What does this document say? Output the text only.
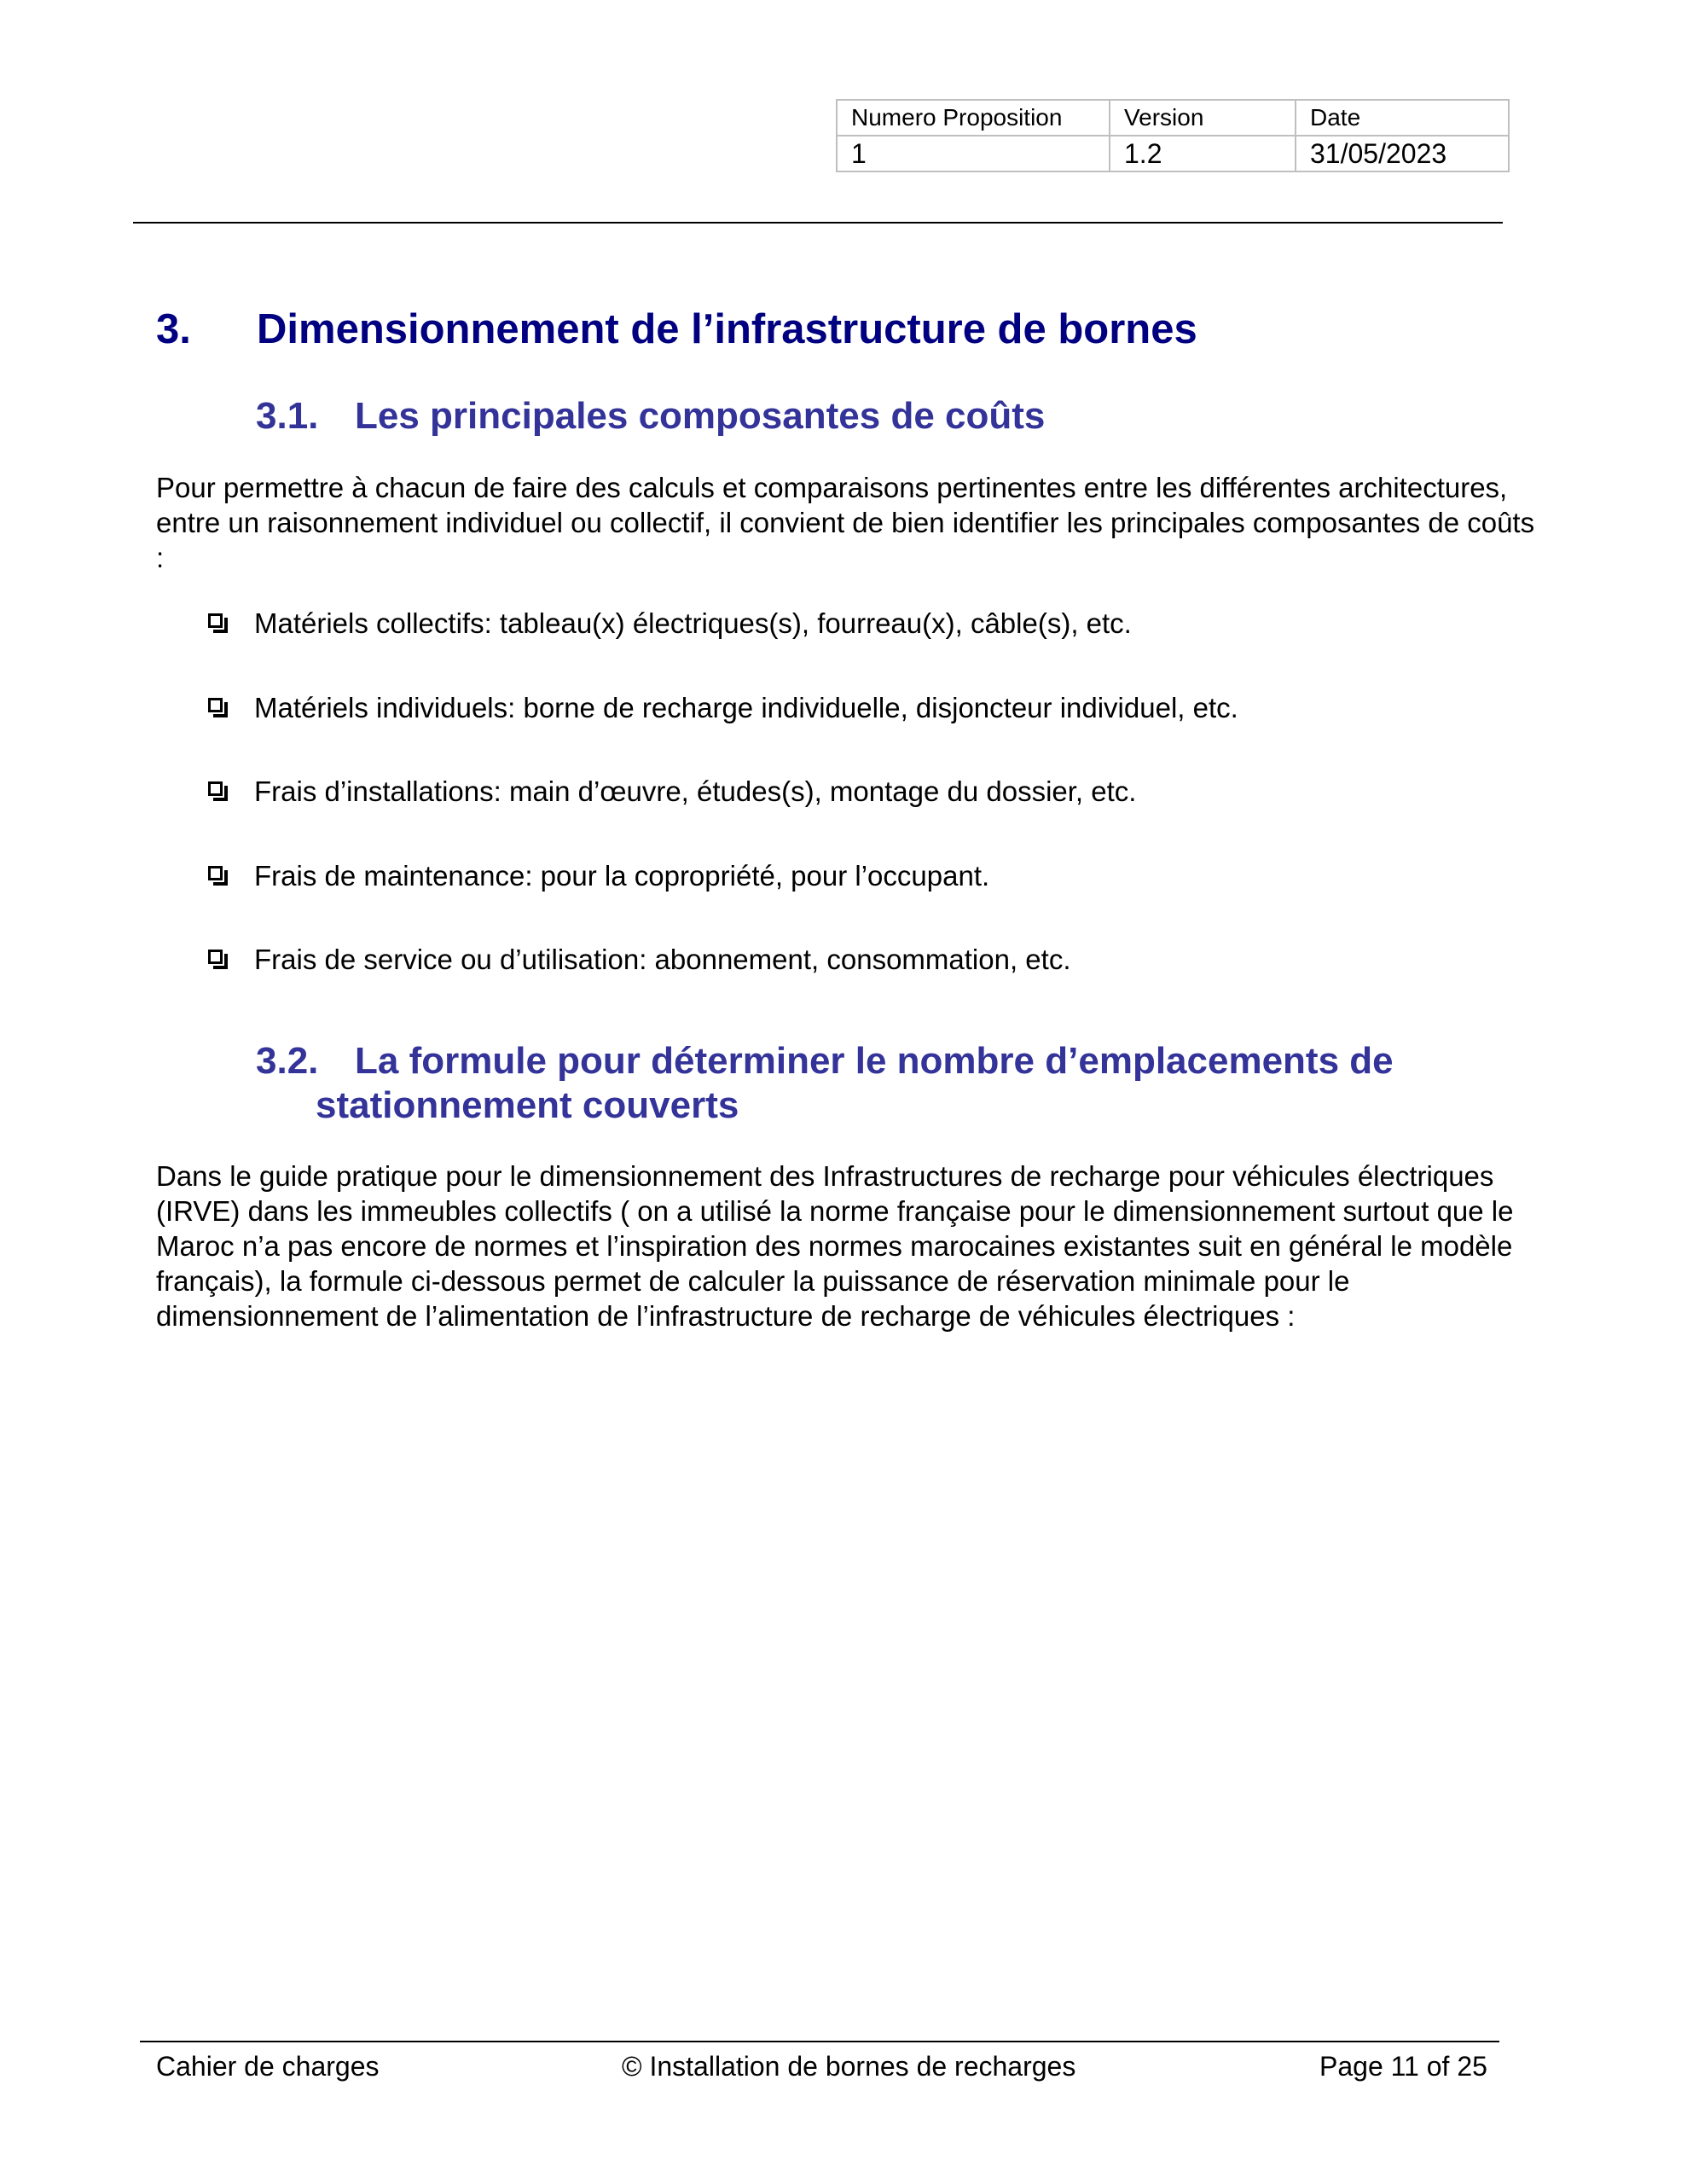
Numero Proposition	Version	Date
1	1.2	31/05/2023
3. Dimensionnement de l’infrastructure de bornes
3.1. Les principales composantes de coûts

Pour permettre à chacun de faire des calculs et comparaisons pertinentes entre les différentes architectures, entre un raisonnement individuel ou collectif, il convient de bien identifier les principales composantes de coûts :

Matériels collectifs: tableau(x) électriques(s), fourreau(x), câble(s), etc.
Matériels individuels: borne de recharge individuelle, disjoncteur individuel, etc.
Frais d’installations: main d’œuvre, études(s), montage du dossier, etc.
Frais de maintenance: pour la copropriété, pour l’occupant.
Frais de service ou d’utilisation: abonnement, consommation, etc.
3.2. La formule pour déterminer le nombre d’emplacements de
stationnement couverts

Dans le guide pratique pour le dimensionnement des Infrastructures de recharge pour véhicules électriques (IRVE) dans les immeubles collectifs ( on a utilisé la norme française pour le dimensionnement surtout que le Maroc n’a pas encore de normes et l’inspiration des normes marocaines existantes suit en général le modèle français), la formule ci-dessous permet de calculer la puissance de réservation minimale pour le dimensionnement de l’alimentation de l’infrastructure de recharge de véhicules électriques :

Cahier de charges	© Installation de bornes de recharges	Page 11 of 25
